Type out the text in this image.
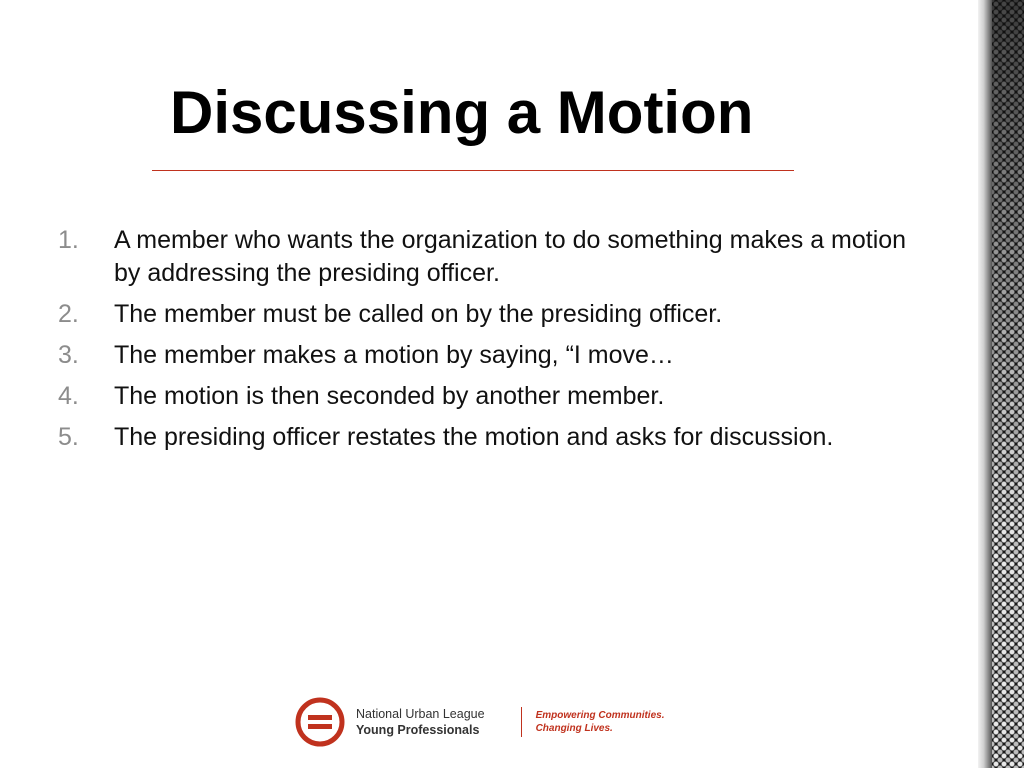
Discussing a Motion
1.	A member who wants the organization to do something makes a motion by addressing the presiding officer.
2.	The member must be called on by the presiding officer.
3.	The member makes a motion by saying, “I move…
4.	The motion is then seconded by another member.
5.	The presiding officer restates the motion and asks for discussion.
National Urban League
Young Professionals
Empowering Communities.
Changing Lives.
